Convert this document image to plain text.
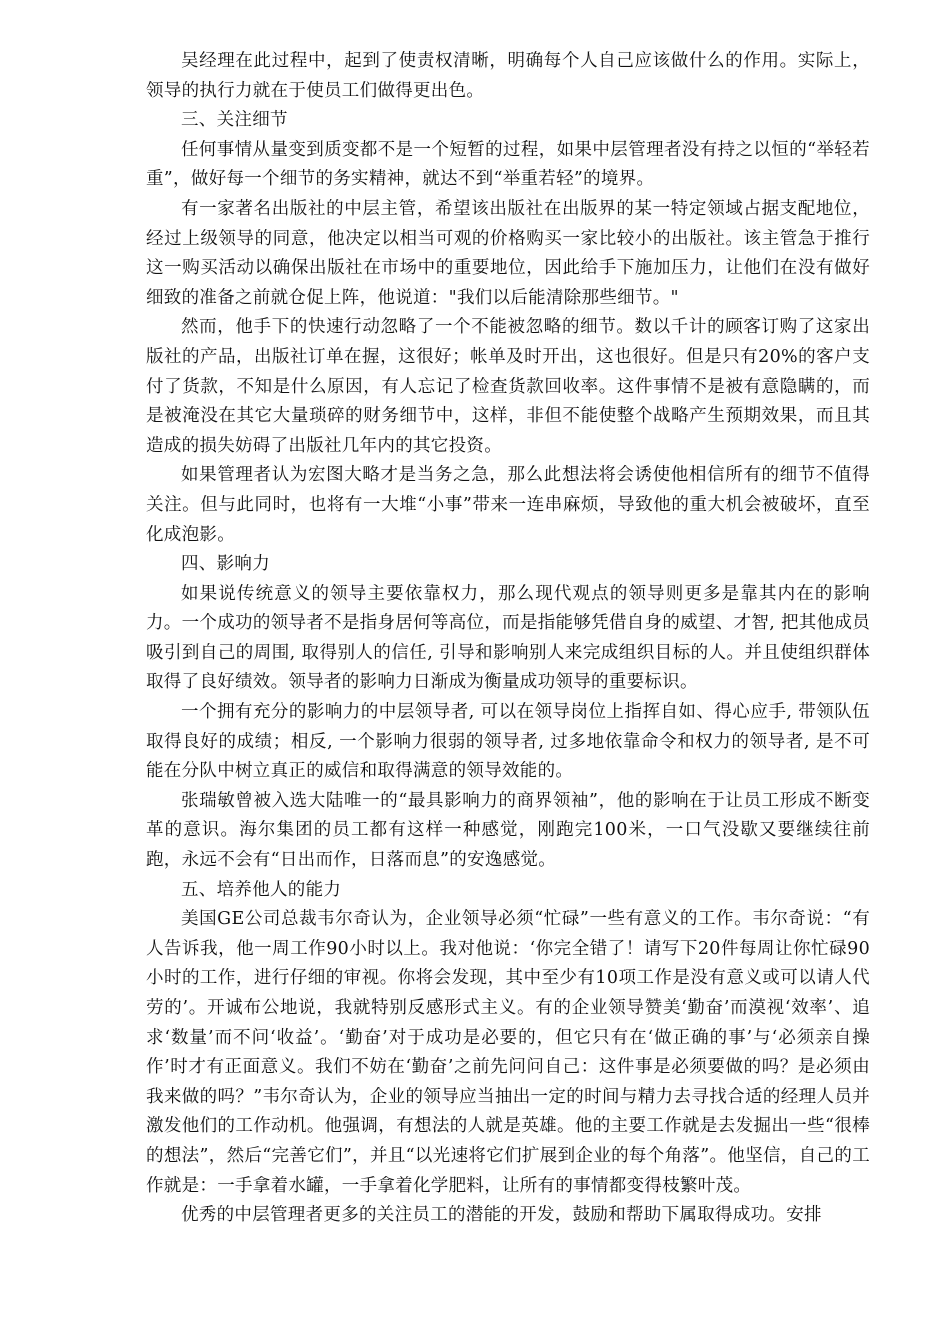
吴经理在此过程中，起到了使责权清晰，明确每个人自己应该做什么的作用。实际上，领导的执行力就在于使员工们做得更出色。

三、关注细节

任何事情从量变到质变都不是一个短暂的过程，如果中层管理者没有持之以恒的“举轻若重”，做好每一个细节的务实精神，就达不到“举重若轻”的境界。

有一家著名出版社的中层主管，希望该出版社在出版界的某一特定领域占据支配地位，经过上级领导的同意，他决定以相当可观的价格购买一家比较小的出版社。该主管急于推行这一购买活动以确保出版社在市场中的重要地位，因此给手下施加压力，让他们在没有做好细致的准备之前就仓促上阵，他说道："我们以后能清除那些细节。"

然而，他手下的快速行动忽略了一个不能被忽略的细节。数以千计的顾客订购了这家出版社的产品，出版社订单在握，这很好；帐单及时开出，这也很好。但是只有20%的客户支付了货款，不知是什么原因，有人忘记了检查货款回收率。这件事情不是被有意隐瞒的，而是被淹没在其它大量琐碎的财务细节中，这样，非但不能使整个战略产生预期效果，而且其造成的损失妨碍了出版社几年内的其它投资。

如果管理者认为宏图大略才是当务之急，那么此想法将会诱使他相信所有的细节不值得关注。但与此同时，也将有一大堆“小事”带来一连串麻烦，导致他的重大机会被破坏，直至化成泡影。

四、影响力

如果说传统意义的领导主要依靠权力，那么现代观点的领导则更多是靠其内在的影响力。一个成功的领导者不是指身居何等高位，而是指能够凭借自身的威望、才智, 把其他成员吸引到自己的周围, 取得别人的信任, 引导和影响别人来完成组织目标的人。并且使组织群体取得了良好绩效。领导者的影响力日渐成为衡量成功领导的重要标识。

一个拥有充分的影响力的中层领导者, 可以在领导岗位上指挥自如、得心应手, 带领队伍取得良好的成绩；相反, 一个影响力很弱的领导者, 过多地依靠命令和权力的领导者, 是不可能在分队中树立真正的威信和取得满意的领导效能的。

张瑞敏曾被入选大陆唯一的“最具影响力的商界领袖”，他的影响在于让员工形成不断变革的意识。海尔集团的员工都有这样一种感觉，刚跑完100米，一口气没歇又要继续往前跑，永远不会有“日出而作，日落而息”的安逸感觉。

五、培养他人的能力

美国GE公司总裁韦尔奇认为，企业领导必须“忙碌”一些有意义的工作。韦尔奇说：“有人告诉我，他一周工作90小时以上。我对他说：‘你完全错了！请写下20件每周让你忙碌90小时的工作，进行仔细的审视。你将会发现，其中至少有10项工作是没有意义或可以请人代劳的’。开诚布公地说，我就特别反感形式主义。有的企业领导赞美‘勤奋’而漠视‘效率’、追求‘数量’而不问‘收益’。‘勤奋’对于成功是必要的，但它只有在‘做正确的事’与‘必须亲自操作’时才有正面意义。我们不妨在‘勤奋’之前先问问自己：这件事是必须要做的吗？是必须由我来做的吗？”韦尔奇认为，企业的领导应当抽出一定的时间与精力去寻找合适的经理人员并激发他们的工作动机。他强调，有想法的人就是英雄。他的主要工作就是去发掘出一些“很棒的想法”，然后“完善它们”，并且“以光速将它们扩展到企业的每个角落”。他坚信，自己的工作就是：一手拿着水罐，一手拿着化学肥料，让所有的事情都变得枝繁叶茂。

优秀的中层管理者更多的关注员工的潜能的开发，鼓励和帮助下属取得成功。安排
